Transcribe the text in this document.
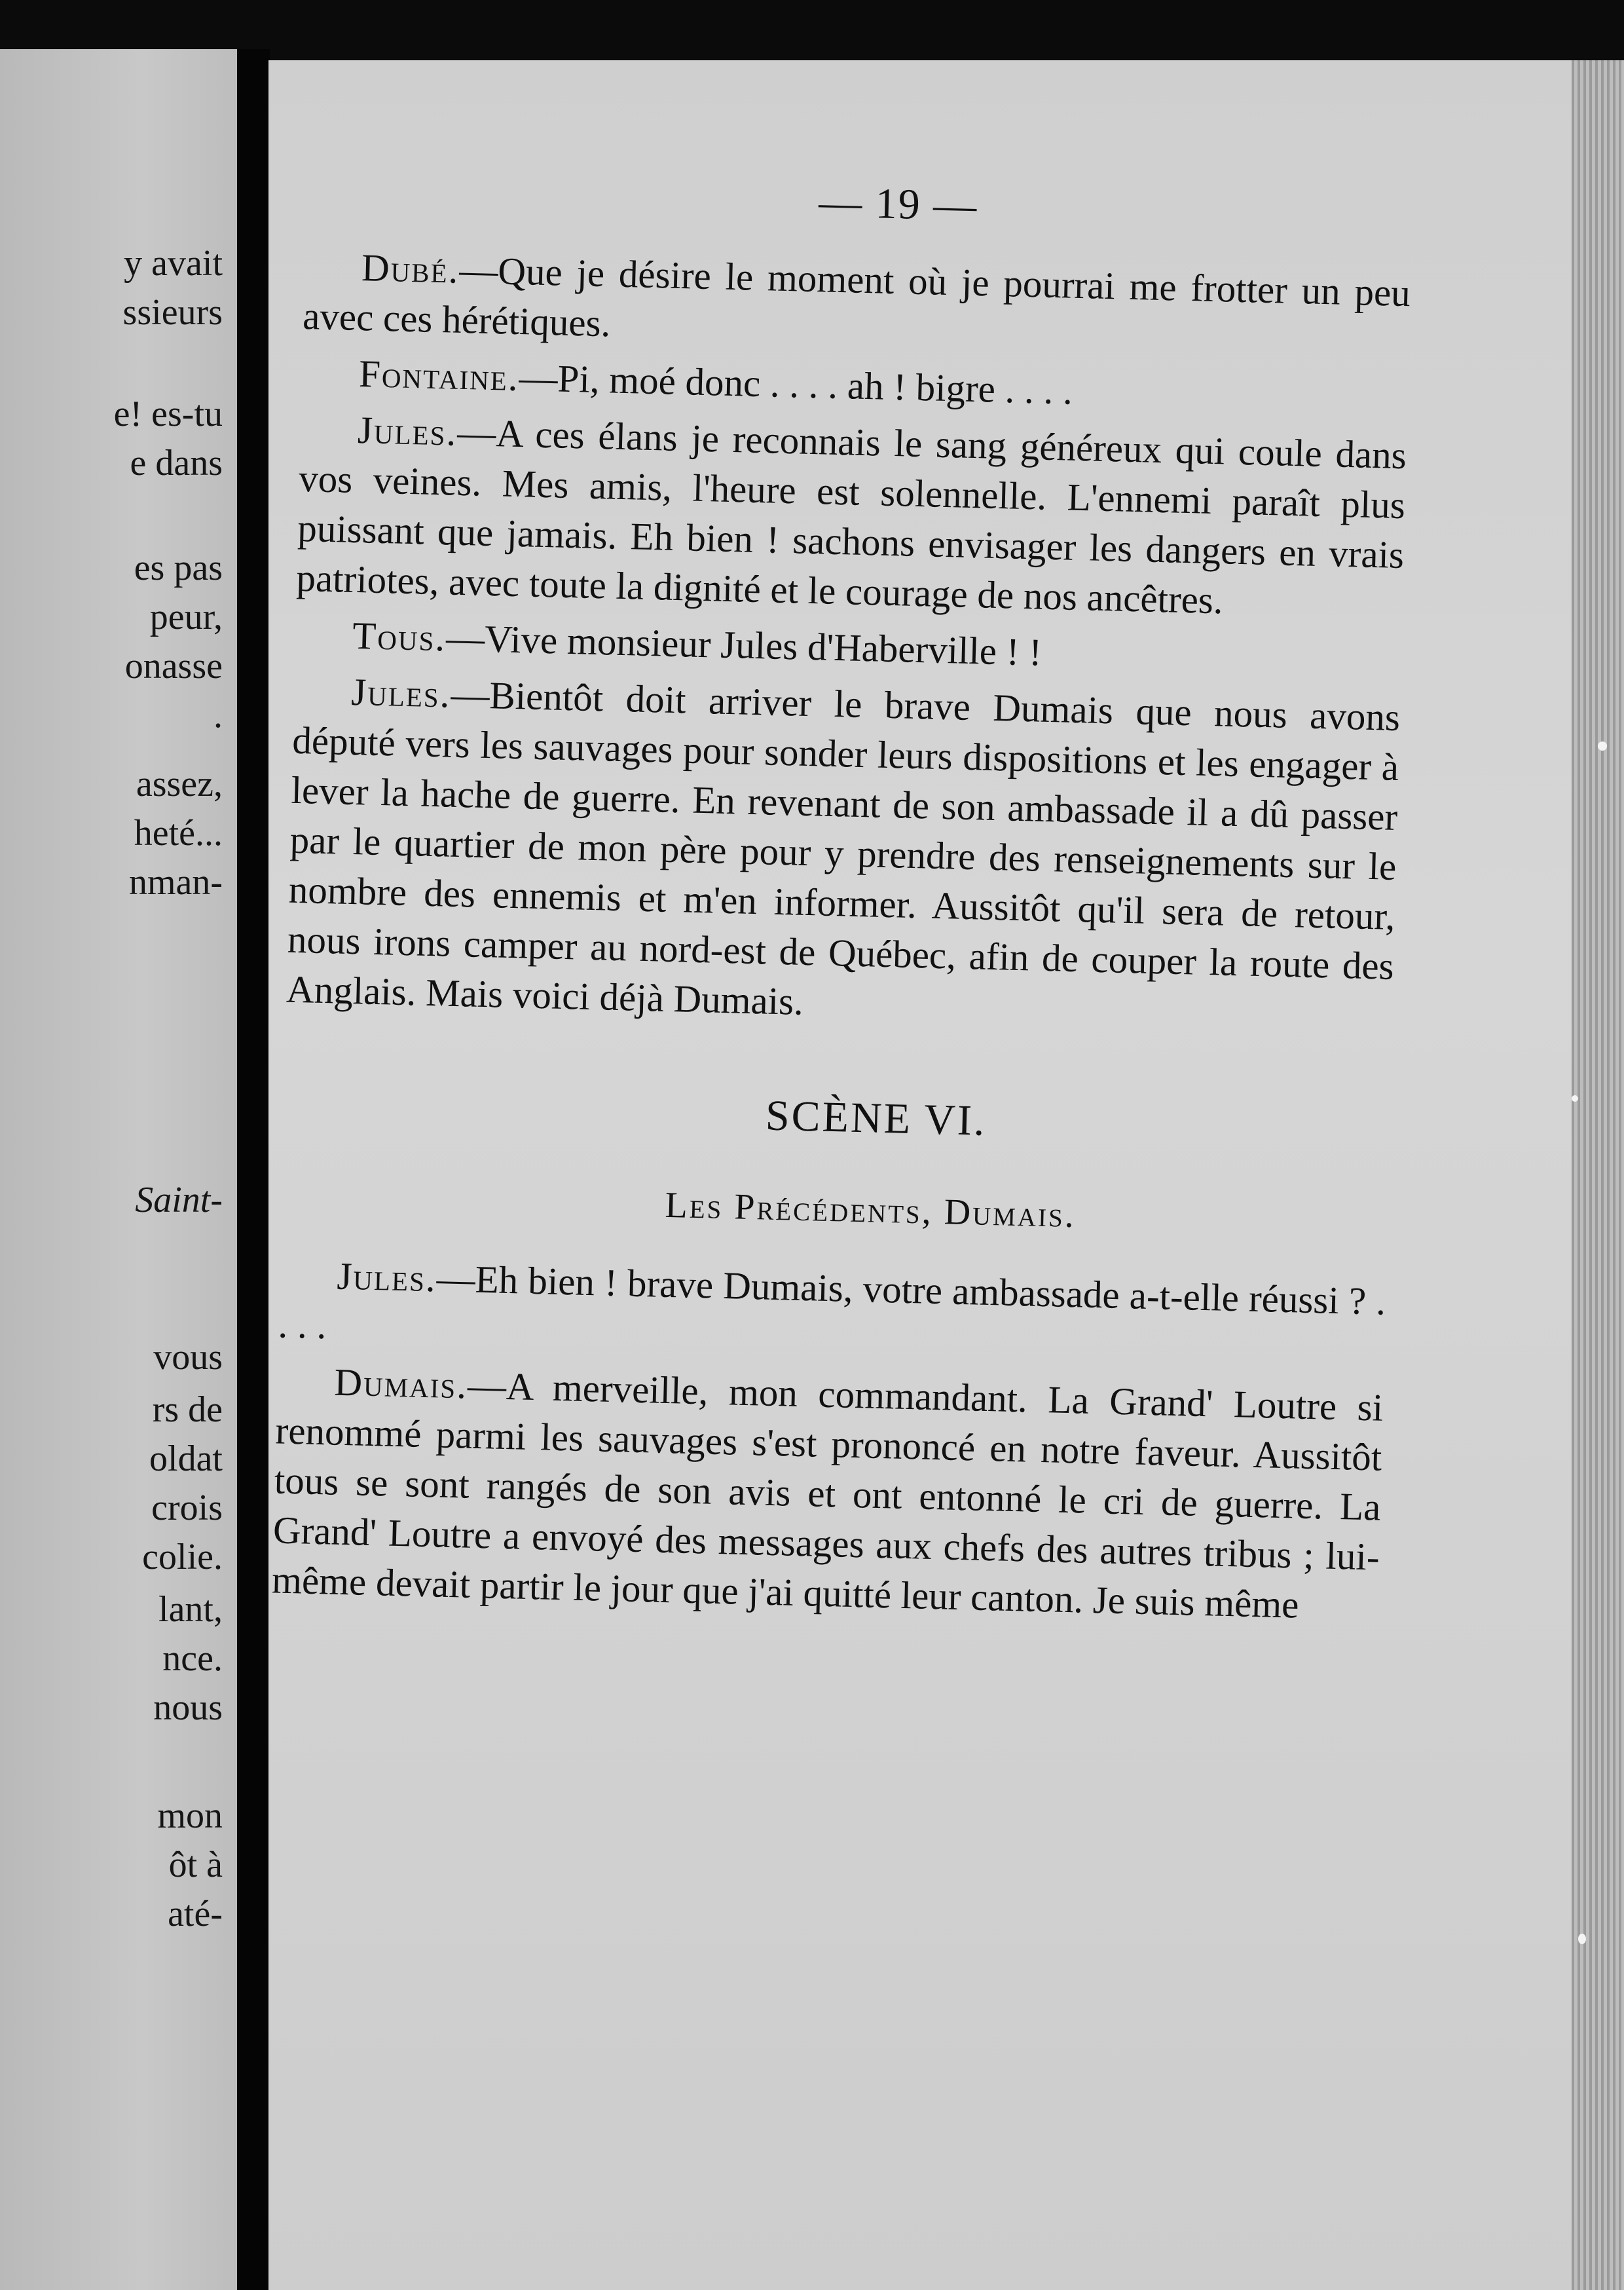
y avait
ssieurs
e! es-tu
e dans
es pas
peur,
onasse
.
assez,
heté...
nman-
Saint-
vous
rs de
oldat
crois
colie.
lant,
nce.
nous
mon
ôt à
até-
— 19 —

Dubé.—Que je désire le moment où je pourrai me frotter un peu avec ces hérétiques.

Fontaine.—Pi, moé donc . . . . ah ! bigre . . . .

Jules.—A ces élans je reconnais le sang généreux qui coule dans vos veines. Mes amis, l'heure est solennelle. L'ennemi paraît plus puissant que jamais. Eh bien ! sachons envisager les dangers en vrais patriotes, avec toute la dignité et le courage de nos ancêtres.

Tous.—Vive monsieur Jules d'Haberville ! !

Jules.—Bientôt doit arriver le brave Dumais que nous avons député vers les sauvages pour sonder leurs dispositions et les engager à lever la hache de guerre. En revenant de son ambassade il a dû passer par le quartier de mon père pour y prendre des renseignements sur le nombre des ennemis et m'en informer. Aussitôt qu'il sera de retour, nous irons camper au nord-est de Québec, afin de couper la route des Anglais. Mais voici déjà Dumais.

SCÈNE VI.
Les Précédents, Dumais.

Jules.—Eh bien ! brave Dumais, votre ambassade a-t-elle réussi ? . . . .

Dumais.—A merveille, mon commandant. La Grand' Loutre si renommé parmi les sauvages s'est prononcé en notre faveur. Aussitôt tous se sont rangés de son avis et ont entonné le cri de guerre. La Grand' Loutre a envoyé des messages aux chefs des autres tribus ; lui-même devait partir le jour que j'ai quitté leur canton. Je suis même
